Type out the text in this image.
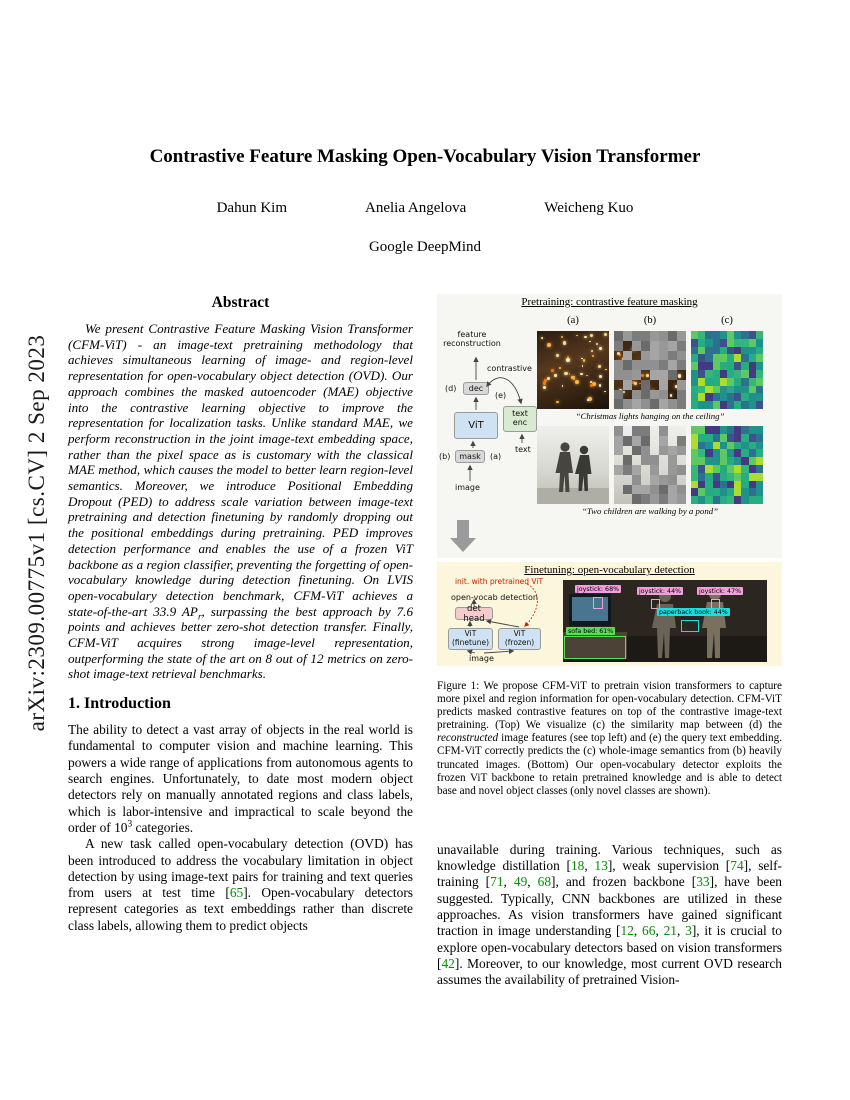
arXiv:2309.00775v1 [cs.CV] 2 Sep 2023
Contrastive Feature Masking Open-Vocabulary Vision Transformer
Dahun Kim	Anelia Angelova	Weicheng Kuo
Google DeepMind
Abstract

We present Contrastive Feature Masking Vision Transformer (CFM-ViT) - an image-text pretraining methodology that achieves simultaneous learning of image- and region-level representation for open-vocabulary object detection (OVD). Our approach combines the masked autoencoder (MAE) objective into the contrastive learning objective to improve the representation for localization tasks. Unlike standard MAE, we perform reconstruction in the joint image-text embedding space, rather than the pixel space as is customary with the classical MAE method, which causes the model to better learn region-level semantics. Moreover, we introduce Positional Embedding Dropout (PED) to address scale variation between image-text pretraining and detection finetuning by randomly dropping out the positional embeddings during pretraining. PED improves detection performance and enables the use of a frozen ViT backbone as a region classifier, preventing the forgetting of open-vocabulary knowledge during detection finetuning. On LVIS open-vocabulary detection benchmark, CFM-ViT achieves a state-of-the-art 33.9 $AP_r$, surpassing the best approach by 7.6 points and achieves better zero-shot detection transfer. Finally, CFM-ViT acquires strong image-level representation, outperforming the state of the art on 8 out of 12 metrics on zero-shot image-text retrieval benchmarks.

1. Introduction

The ability to detect a vast array of objects in the real world is fundamental to computer vision and machine learning. This powers a wide range of applications from autonomous agents to search engines. Unfortunately, to date most modern object detectors rely on manually annotated regions and class labels, which is labor-intensive and impractical to scale beyond the order of $10^3$ categories.

A new task called open-vocabulary detection (OVD) has been introduced to address the vocabulary limitation in object detection by using image-text pairs for training and text queries from users at test time [65]. Open-vocabulary detectors represent categories as text embeddings rather than discrete class labels, allowing them to predict objects

Pretraining: contrastive feature masking
(a)	(b)	(c)
feature reconstruction
(d)	dec
contrastive
ViT
(e)
text enc
(b)	mask	(a)
image
text
“Christmas lights hanging on the ceiling”
“Two children are walking by a pond”
Finetuning: open-vocabulary detection
init. with pretrained ViT
open-vocab detection
det head
ViT (finetune)
ViT (frozen)
image
joystick: 68%	joystick: 44%	joystick: 47%
paperback book: 44%
sofa bed: 61%
Figure 1: We propose CFM-ViT to pretrain vision transformers to capture more pixel and region information for open-vocabulary detection. CFM-ViT predicts masked contrastive features on top of the contrastive image-text pretraining. (Top) We visualize (c) the similarity map between (d) the reconstructed image features (see top left) and (e) the query text embedding. CFM-ViT correctly predicts the (c) whole-image semantics from (b) heavily truncated images. (Bottom) Our open-vocabulary detector exploits the frozen ViT backbone to retain pretrained knowledge and is able to detect base and novel object classes (only novel classes are shown).

unavailable during training. Various techniques, such as knowledge distillation [18, 13], weak supervision [74], self-training [71, 49, 68], and frozen backbone [33], have been suggested. Typically, CNN backbones are utilized in these approaches. As vision transformers have gained significant traction in image understanding [12, 66, 21, 3], it is crucial to explore open-vocabulary detectors based on vision transformers [42]. Moreover, to our knowledge, most current OVD research assumes the availability of pretrained Vision-
